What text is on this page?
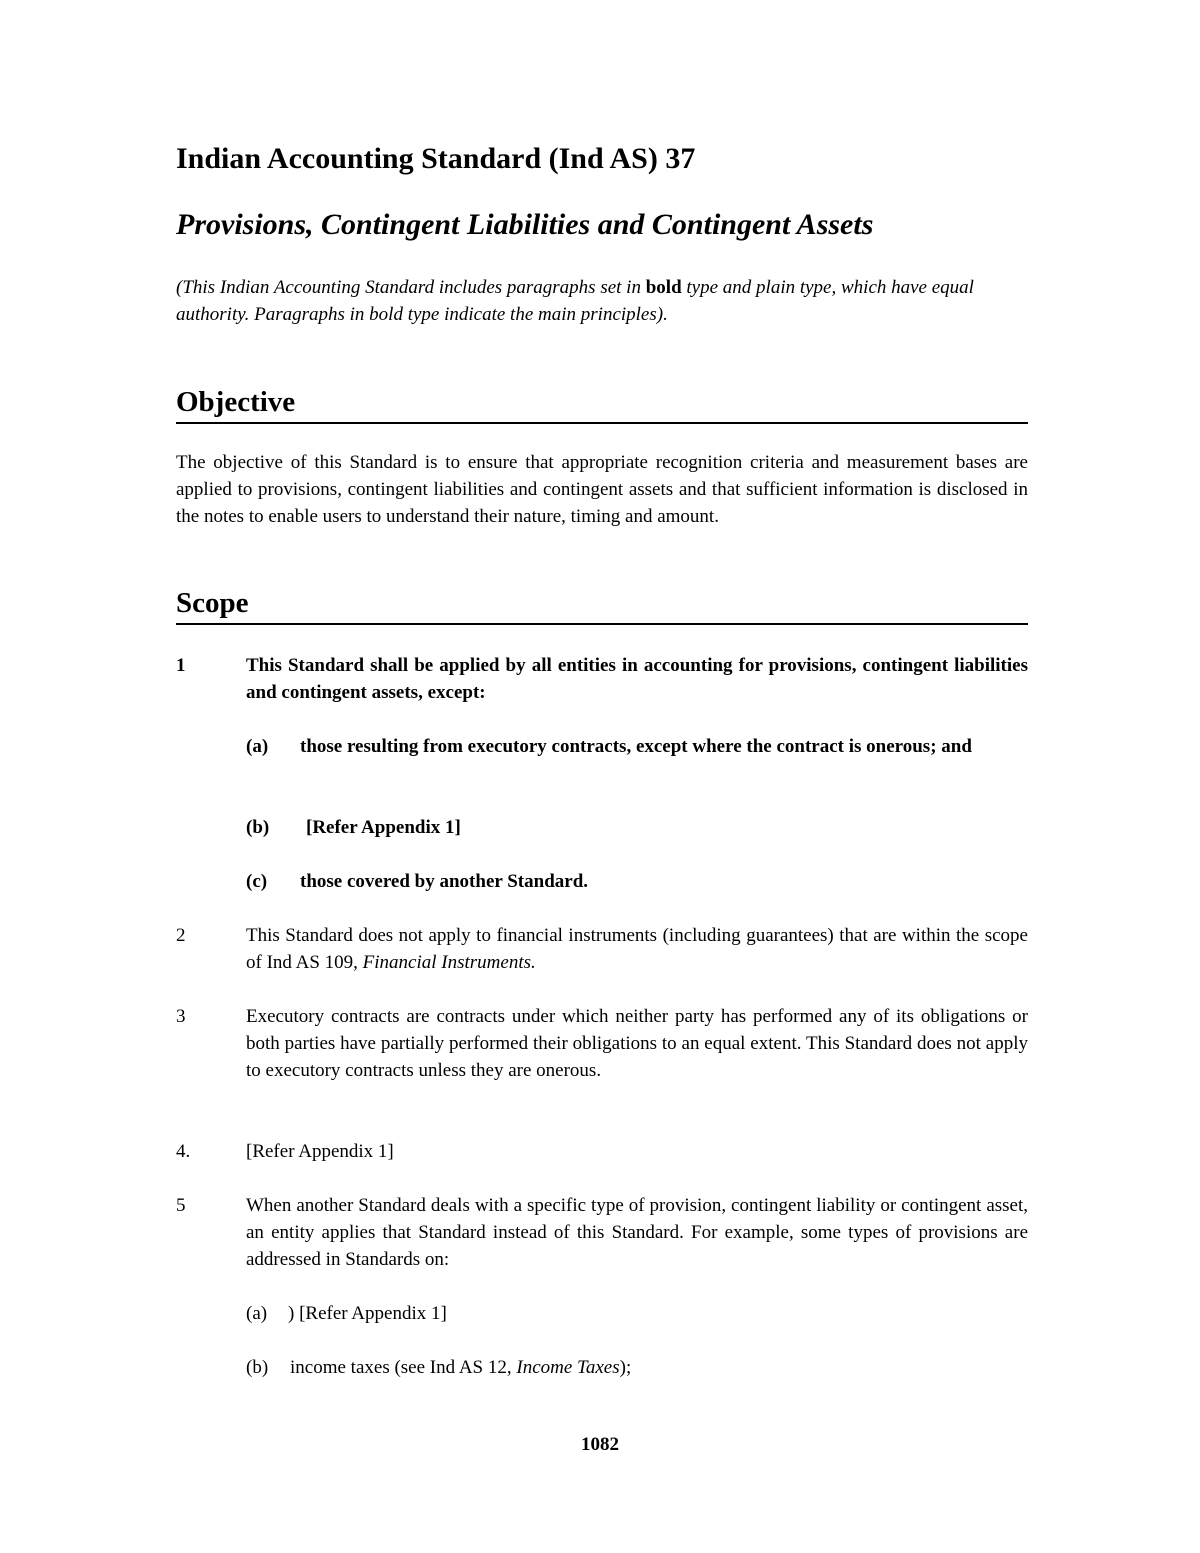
Indian Accounting Standard (Ind AS) 37
Provisions, Contingent Liabilities and Contingent Assets

(This Indian Accounting Standard includes paragraphs set in bold type and plain type, which have equal authority. Paragraphs in bold type indicate the main principles).

Objective

The objective of this Standard is to ensure that appropriate recognition criteria and measurement bases are applied to provisions, contingent liabilities and contingent assets and that sufficient information is disclosed in the notes to enable users to understand their nature, timing and amount.

Scope
1	This Standard shall be applied by all entities in accounting for provisions, contingent liabilities and contingent assets, except:

(a) those resulting from executory contracts, except where the contract is onerous; and

(b) [Refer Appendix 1]

(c) those covered by another Standard.

2	This Standard does not apply to financial instruments (including guarantees) that are within the scope of Ind AS 109, Financial Instruments.

3	Executory contracts are contracts under which neither party has performed any of its obligations or both parties have partially performed their obligations to an equal extent. This Standard does not apply to executory contracts unless they are onerous.

4.	[Refer Appendix 1]

5	When another Standard deals with a specific type of provision, contingent liability or contingent asset, an entity applies that Standard instead of this Standard. For example, some types of provisions are addressed in Standards on:

(a) ) [Refer Appendix 1]

(b) income taxes (see Ind AS 12, Income Taxes);

1082
